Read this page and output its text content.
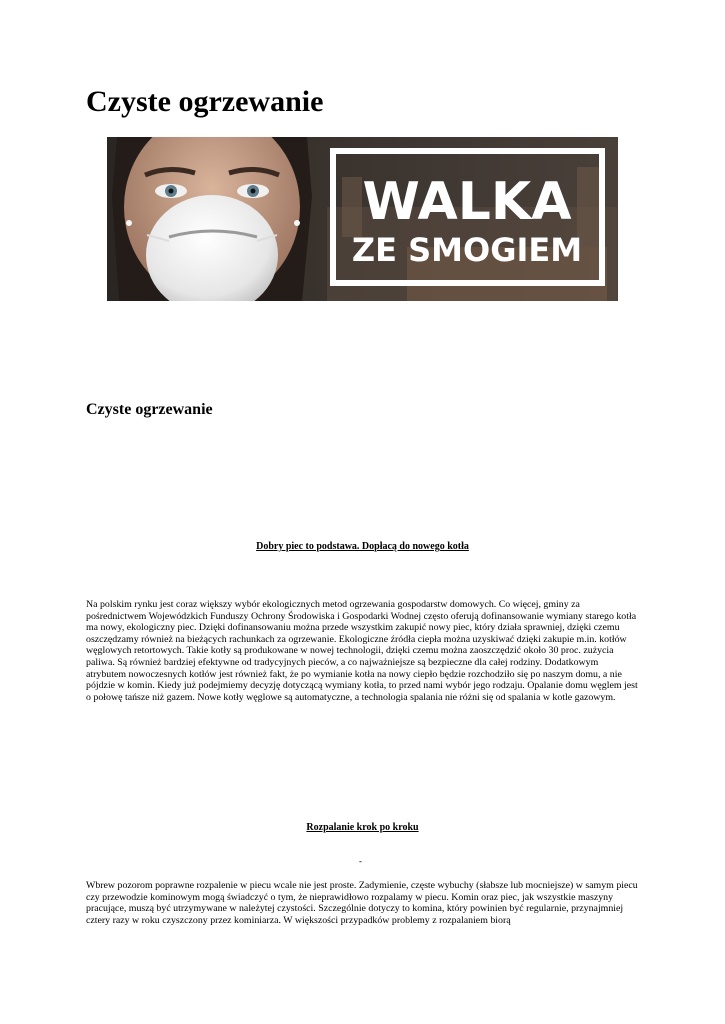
Czyste ogrzewanie
WALKA
ZE SMOGIEM
Czyste ogrzewanie

Dobry piec to podstawa. Dopłacą do nowego kotła

Na polskim rynku jest coraz większy wybór ekologicznych metod ogrzewania gospodarstw domowych. Co więcej, gminy za pośrednictwem Wojewódzkich Funduszy Ochrony Środowiska i Gospodarki Wodnej często oferują dofinansowanie wymiany starego kotła ma nowy, ekologiczny piec. Dzięki dofinansowaniu można przede wszystkim zakupić nowy piec, który działa sprawniej, dzięki czemu oszczędzamy również na bieżących rachunkach za ogrzewanie. Ekologiczne źródła ciepła można uzyskiwać dzięki zakupie m.in. kotłów węglowych retortowych. Takie kotły są produkowane w nowej technologii, dzięki czemu można zaoszczędzić około 30 proc. zużycia paliwa. Są również bardziej efektywne od tradycyjnych pieców, a co najważniejsze są bezpieczne dla całej rodziny. Dodatkowym atrybutem nowoczesnych kotłów jest również fakt, że po wymianie kotła na nowy ciepło będzie rozchodziło się po naszym domu, a nie pójdzie w komin. Kiedy już podejmiemy decyzję dotyczącą wymiany kotła, to przed nami wybór jego rodzaju. Opalanie domu węglem jest o połowę tańsze niż gazem. Nowe kotły węglowe są automatyczne, a technologia spalania nie różni się od spalania w kotle gazowym.

Rozpalanie krok po kroku

-

Wbrew pozorom poprawne rozpalenie w piecu wcale nie jest proste. Zadymienie, częste wybuchy (słabsze lub mocniejsze) w samym piecu czy przewodzie kominowym mogą świadczyć o tym, że nieprawidłowo rozpalamy w piecu. Komin oraz piec, jak wszystkie maszyny pracujące, muszą być utrzymywane w należytej czystości. Szczególnie dotyczy to komina, który powinien być regularnie, przynajmniej cztery razy w roku czyszczony przez kominiarza. W większości przypadków problemy z rozpalaniem biorą
